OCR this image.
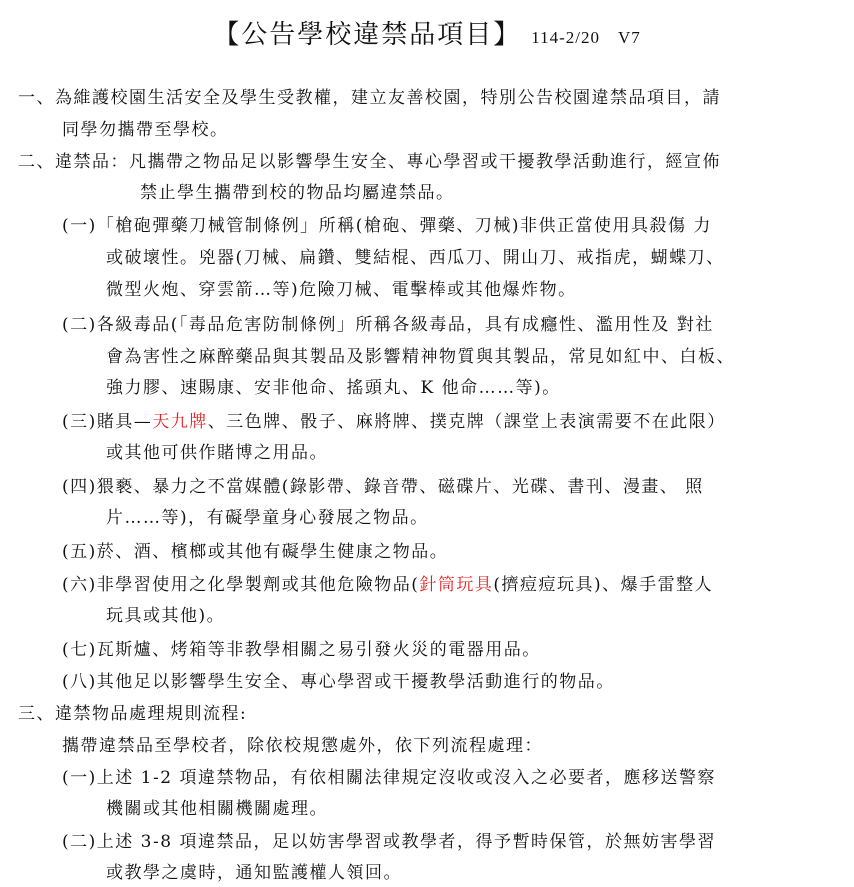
【公告學校違禁品項目】 114-2/20　V7
一、為維護校園生活安全及學生受教權，建立友善校園，特別公告校園違禁品項目，請
同學勿攜帶至學校。
二、違禁品：凡攜帶之物品足以影響學生安全、專心學習或干擾教學活動進行，經宣佈
禁止學生攜帶到校的物品均屬違禁品。
(一)「槍砲彈藥刀械管制條例」所稱(槍砲、彈藥、刀械)非供正當使用具殺傷 力
或破壞性。兇器(刀械、扁鑽、雙結棍、西瓜刀、開山刀、戒指虎，蝴蝶刀、
微型火炮、穿雲箭…等)危險刀械、電擊棒或其他爆炸物。
(二)各級毒品(「毒品危害防制條例」所稱各級毒品，具有成癮性、濫用性及 對社
會為害性之麻醉藥品與其製品及影響精神物質與其製品，常見如紅中、白板、
強力膠、速賜康、安非他命、搖頭丸、K 他命……等)。
(三)賭具—天九牌、三色牌、骰子、麻將牌、撲克牌（課堂上表演需要不在此限）
或其他可供作賭博之用品。
(四)猥褻、暴力之不當媒體(錄影帶、錄音帶、磁碟片、光碟、書刊、漫畫、 照
片……等)，有礙學童身心發展之物品。
(五)菸、酒、檳榔或其他有礙學生健康之物品。
(六)非學習使用之化學製劑或其他危險物品(針筒玩具(擠痘痘玩具)、爆手雷整人
玩具或其他)。
(七)瓦斯爐、烤箱等非教學相關之易引發火災的電器用品。
(八)其他足以影響學生安全、專心學習或干擾教學活動進行的物品。
三、違禁物品處理規則流程:
攜帶違禁品至學校者，除依校規懲處外，依下列流程處理：
(一)上述 1-2 項違禁物品，有依相關法律規定沒收或沒入之必要者，應移送警察
機關或其他相關機關處理。
(二)上述 3-8 項違禁品，足以妨害學習或教學者，得予暫時保管，於無妨害學習
或教學之虞時，通知監護權人領回。
